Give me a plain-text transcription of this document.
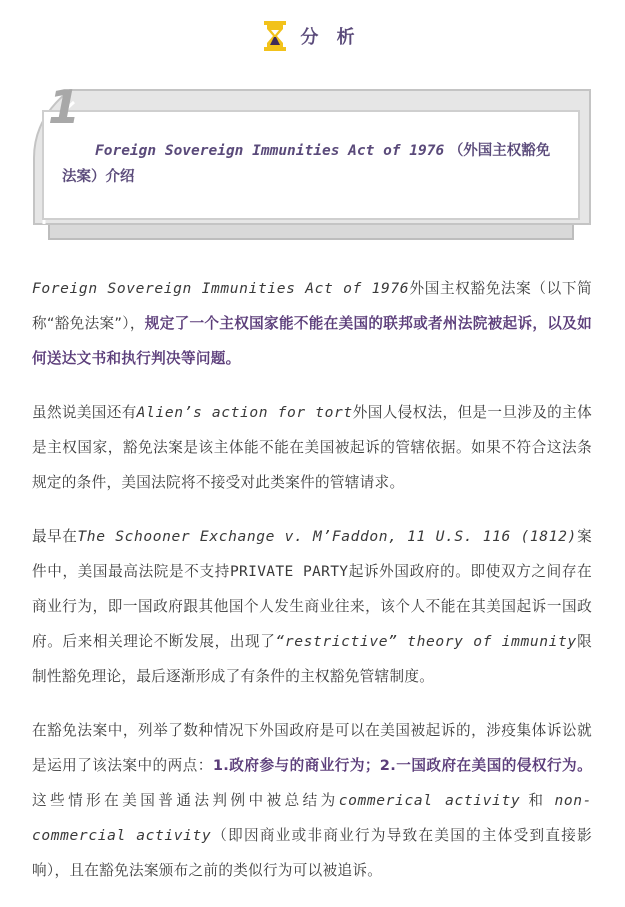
分 析
1
Foreign Sovereign Immunities Act of 1976 （外国主权豁免法案）介绍

Foreign Sovereign Immunities Act of 1976外国主权豁免法案（以下简称“豁免法案”），规定了一个主权国家能不能在美国的联邦或者州法院被起诉，以及如何送达文书和执行判决等问题。

虽然说美国还有Alien’s action for tort外国人侵权法，但是一旦涉及的主体是主权国家，豁免法案是该主体能不能在美国被起诉的管辖依据。如果不符合这法条规定的条件，美国法院将不接受对此类案件的管辖请求。

最早在The Schooner Exchange v. M’Faddon, 11 U.S. 116 (1812)案件中，美国最高法院是不支持PRIVATE PARTY起诉外国政府的。即使双方之间存在商业行为，即一国政府跟其他国个人发生商业往来，该个人不能在其美国起诉一国政府。后来相关理论不断发展，出现了“restrictive” theory of immunity限制性豁免理论，最后逐渐形成了有条件的主权豁免管辖制度。

在豁免法案中，列举了数种情况下外国政府是可以在美国被起诉的，涉疫集体诉讼就是运用了该法案中的两点：1.政府参与的商业行为；2.一国政府在美国的侵权行为。这些情形在美国普通法判例中被总结为commerical activity 和 non-commercial activity（即因商业或非商业行为导致在美国的主体受到直接影响），且在豁免法案颁布之前的类似行为可以被追诉。
